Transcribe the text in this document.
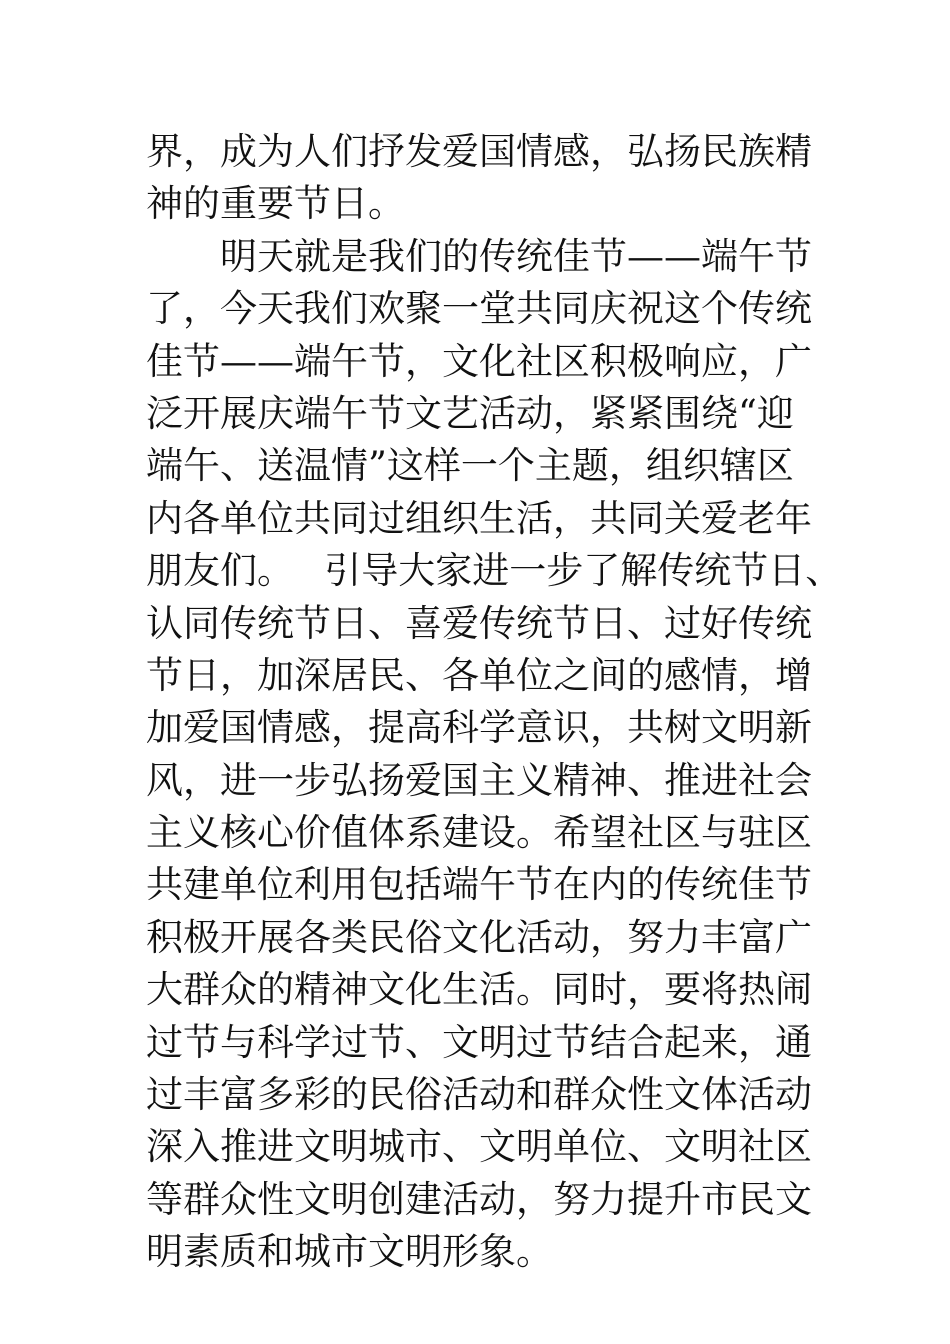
界，成为人们抒发爱国情感，弘扬民族精
神的重要节日。
　　明天就是我们的传统佳节——端午节
了，今天我们欢聚一堂共同庆祝这个传统
佳节——端午节，文化社区积极响应，广
泛开展庆端午节文艺活动，紧紧围绕“迎
端午、送温情”这样一个主题，组织辖区
内各单位共同过组织生活，共同关爱老年
朋友们。　 引导大家进一步了解传统节日、
认同传统节日、喜爱传统节日、过好传统
节日，加深居民、各单位之间的感情，增
加爱国情感，提高科学意识，共树文明新
风，进一步弘扬爱国主义精神、推进社会
主义核心价值体系建设。希望社区与驻区
共建单位利用包括端午节在内的传统佳节
积极开展各类民俗文化活动，努力丰富广
大群众的精神文化生活。同时，要将热闹
过节与科学过节、文明过节结合起来，通
过丰富多彩的民俗活动和群众性文体活动
深入推进文明城市、文明单位、文明社区
等群众性文明创建活动，努力提升市民文
明素质和城市文明形象。
